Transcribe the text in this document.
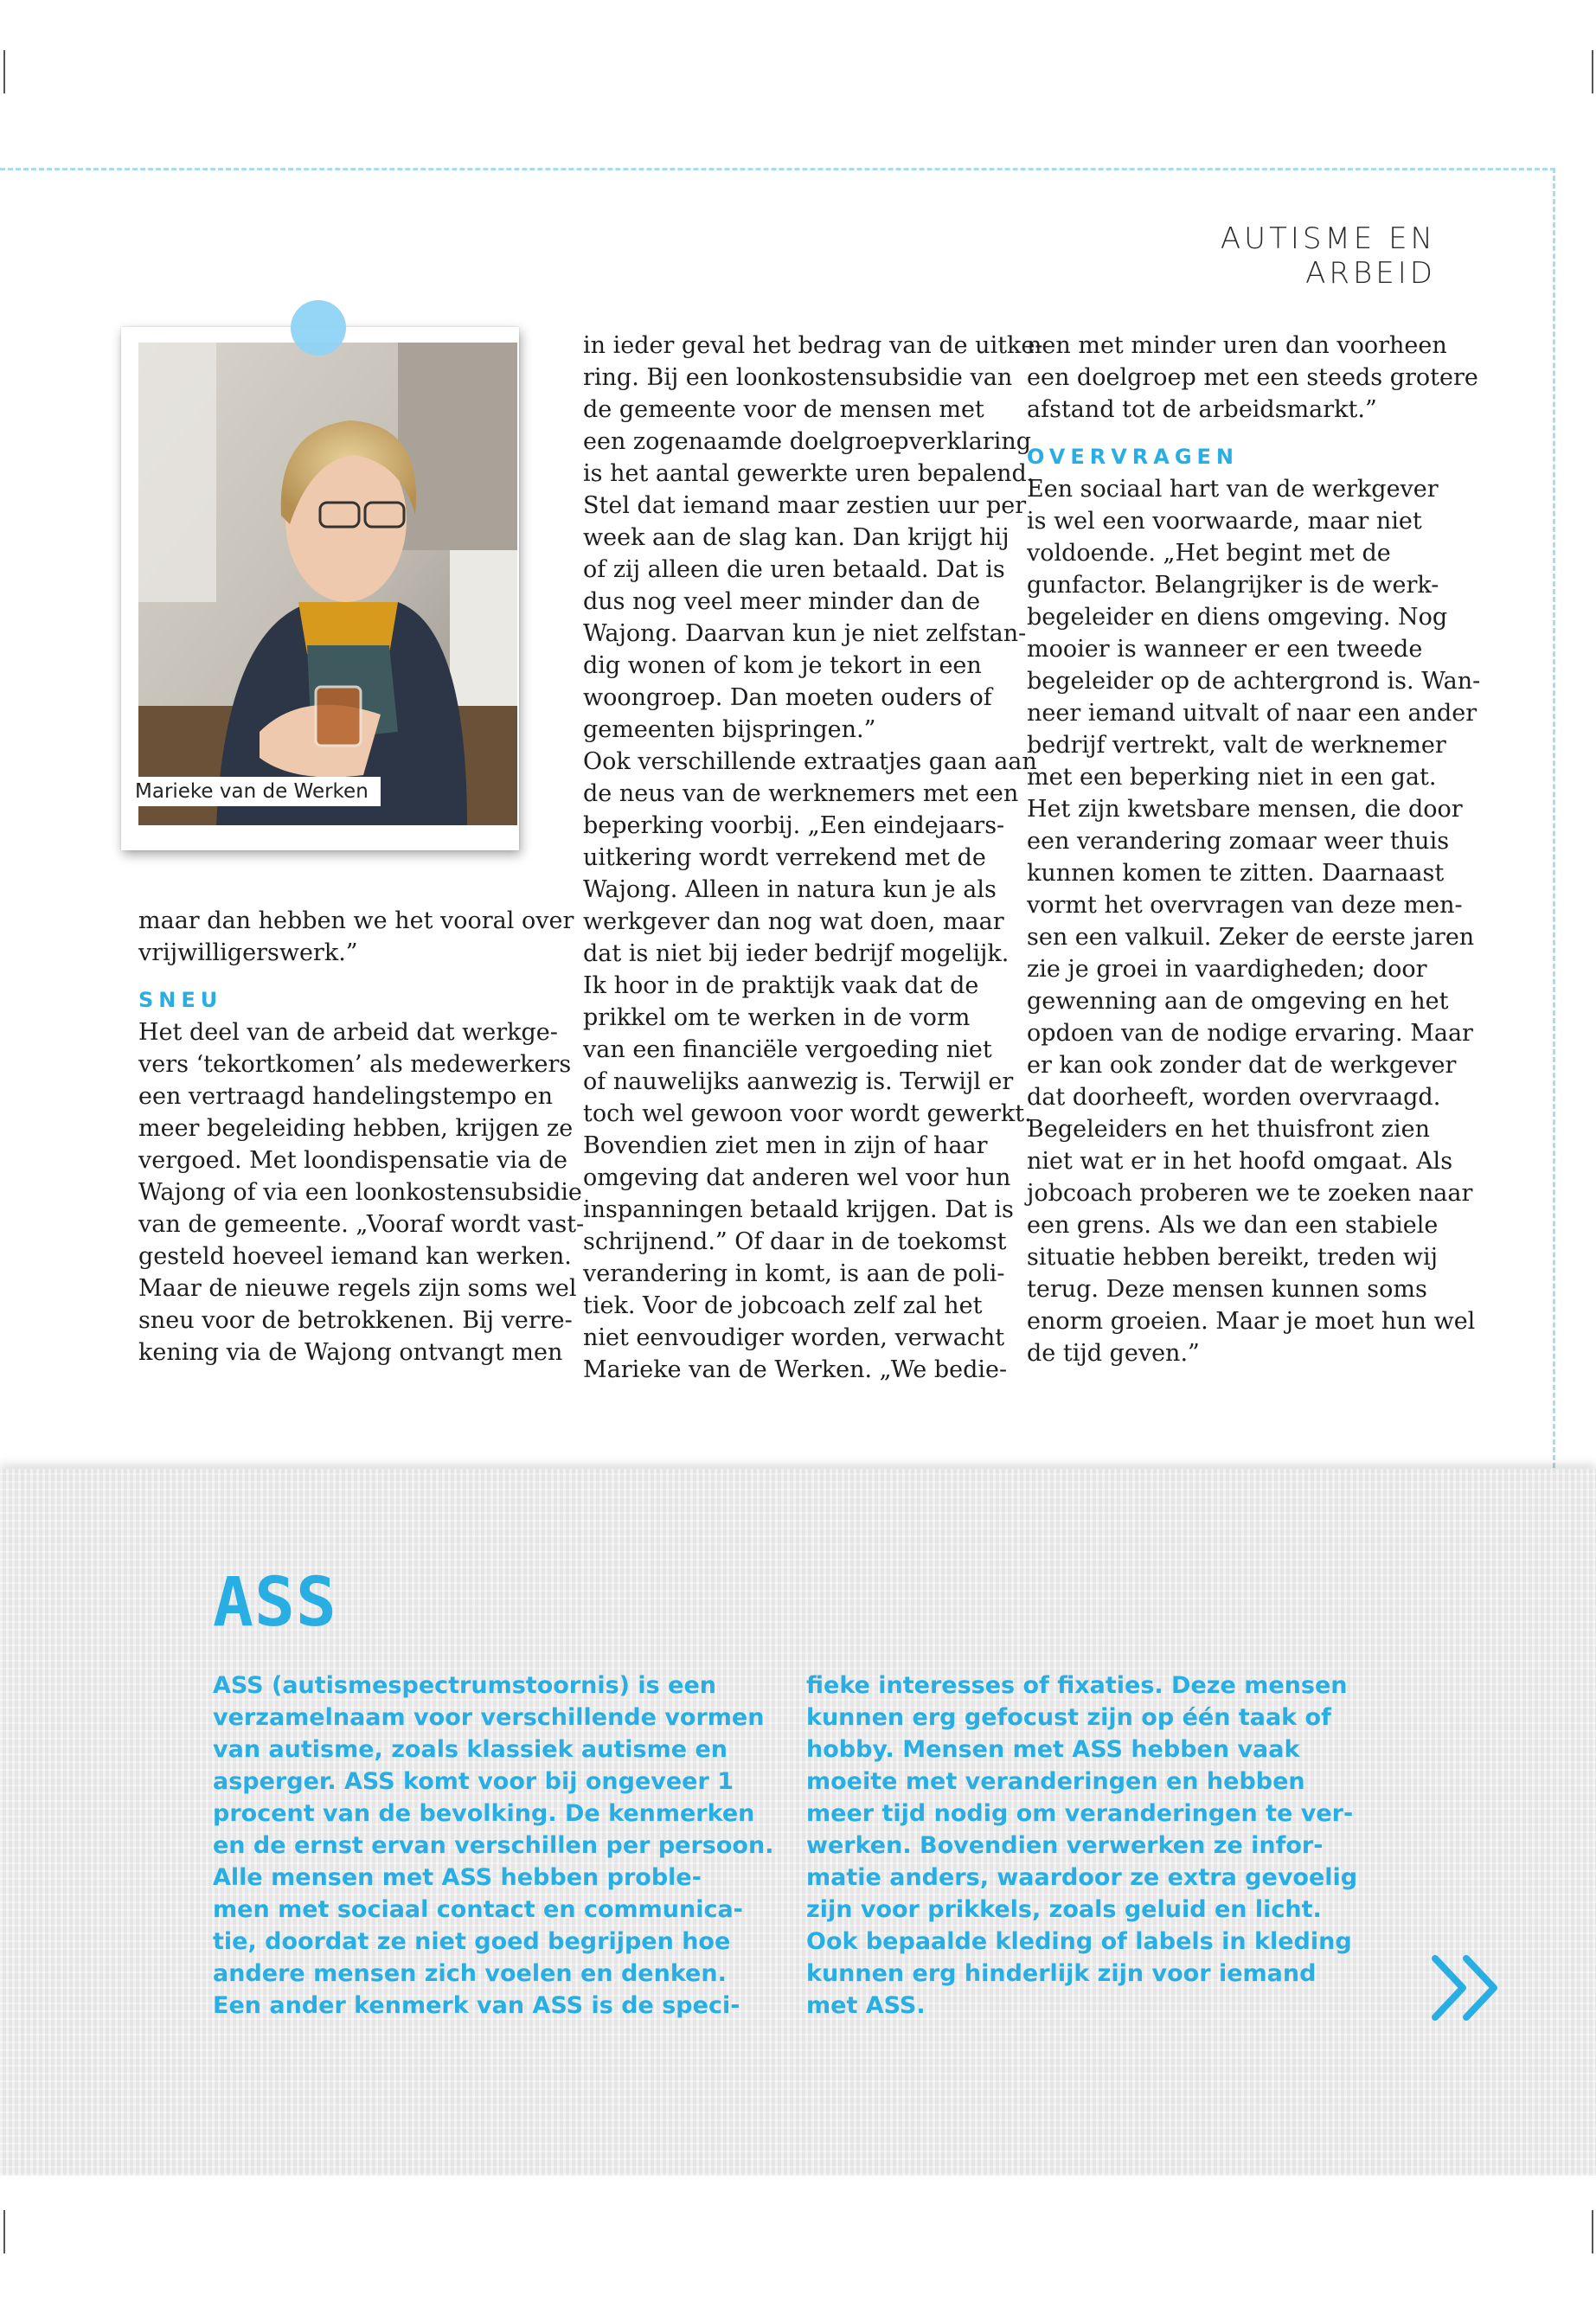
AUTISME EN ARBEID
Marieke van de Werken
maar dan hebben we het vooral over
vrijwilligerswerk.”
SNEU
Het deel van de arbeid dat werkge-
vers ‘tekortkomen’ als medewerkers
een vertraagd handelingstempo en
meer begeleiding hebben, krijgen ze
vergoed. Met loondispensatie via de
Wajong of via een loonkostensubsidie
van de gemeente. „Vooraf wordt vast-
gesteld hoeveel iemand kan werken.
Maar de nieuwe regels zijn soms wel
sneu voor de betrokkenen. Bij verre-
kening via de Wajong ontvangt men
in ieder geval het bedrag van de uitke-
ring. Bij een loonkostensubsidie van
de gemeente voor de mensen met
een zogenaamde doelgroepverklaring
is het aantal gewerkte uren bepalend.
Stel dat iemand maar zestien uur per
week aan de slag kan. Dan krijgt hij
of zij alleen die uren betaald. Dat is
dus nog veel meer minder dan de
Wajong. Daarvan kun je niet zelfstan-
dig wonen of kom je tekort in een
woongroep. Dan moeten ouders of
gemeenten bijspringen.”
Ook verschillende extraatjes gaan aan
de neus van de werknemers met een
beperking voorbij. „Een eindejaars-
uitkering wordt verrekend met de
Wajong. Alleen in natura kun je als
werkgever dan nog wat doen, maar
dat is niet bij ieder bedrijf mogelijk.
Ik hoor in de praktijk vaak dat de
prikkel om te werken in de vorm
van een financiële vergoeding niet
of nauwelijks aanwezig is. Terwijl er
toch wel gewoon voor wordt gewerkt.
Bovendien ziet men in zijn of haar
omgeving dat anderen wel voor hun
inspanningen betaald krijgen. Dat is
schrijnend.” Of daar in de toekomst
verandering in komt, is aan de poli-
tiek. Voor de jobcoach zelf zal het
niet eenvoudiger worden, verwacht
Marieke van de Werken. „We bedie-
nen met minder uren dan voorheen
een doelgroep met een steeds grotere
afstand tot de arbeidsmarkt.”
OVERVRAGEN
Een sociaal hart van de werkgever
is wel een voorwaarde, maar niet
voldoende. „Het begint met de
gunfactor. Belangrijker is de werk-
begeleider en diens omgeving. Nog
mooier is wanneer er een tweede
begeleider op de achtergrond is. Wan-
neer iemand uitvalt of naar een ander
bedrijf vertrekt, valt de werknemer
met een beperking niet in een gat.
Het zijn kwetsbare mensen, die door
een verandering zomaar weer thuis
kunnen komen te zitten. Daarnaast
vormt het overvragen van deze men-
sen een valkuil. Zeker de eerste jaren
zie je groei in vaardigheden; door
gewenning aan de omgeving en het
opdoen van de nodige ervaring. Maar
er kan ook zonder dat de werkgever
dat doorheeft, worden overvraagd.
Begeleiders en het thuisfront zien
niet wat er in het hoofd omgaat. Als
jobcoach proberen we te zoeken naar
een grens. Als we dan een stabiele
situatie hebben bereikt, treden wij
terug. Deze mensen kunnen soms
enorm groeien. Maar je moet hun wel
de tijd geven.”
ASS
ASS (autismespectrumstoornis) is een
verzamelnaam voor verschillende vormen
van autisme, zoals klassiek autisme en
asperger. ASS komt voor bij ongeveer 1
procent van de bevolking. De kenmerken
en de ernst ervan verschillen per persoon.
Alle mensen met ASS hebben proble-
men met sociaal contact en communica-
tie, doordat ze niet goed begrijpen hoe
andere mensen zich voelen en denken.
Een ander kenmerk van ASS is de speci-
fieke interesses of fixaties. Deze mensen
kunnen erg gefocust zijn op één taak of
hobby. Mensen met ASS hebben vaak
moeite met veranderingen en hebben
meer tijd nodig om veranderingen te ver-
werken. Bovendien verwerken ze infor-
matie anders, waardoor ze extra gevoelig
zijn voor prikkels, zoals geluid en licht.
Ook bepaalde kleding of labels in kleding
kunnen erg hinderlijk zijn voor iemand
met ASS.
